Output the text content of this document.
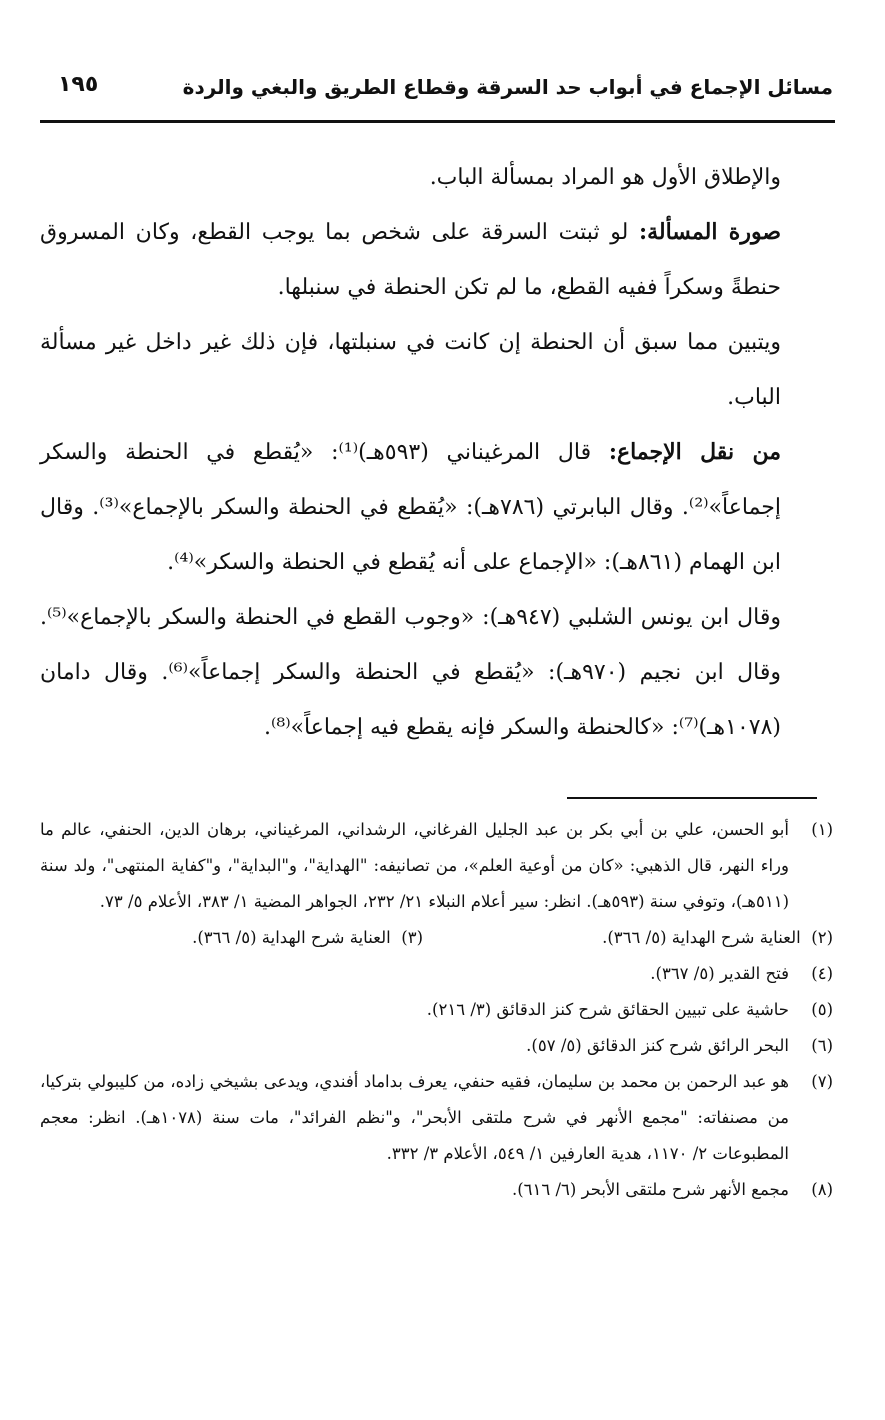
مسائل الإجماع في أبواب حد السرقة وقطاع الطريق والبغي والردة
١٩٥

والإطلاق الأول هو المراد بمسألة الباب.

صورة المسألة: لو ثبتت السرقة على شخص بما يوجب القطع، وكان المسروق حنطةً وسكراً ففيه القطع، ما لم تكن الحنطة في سنبلها.

ويتبين مما سبق أن الحنطة إن كانت في سنبلتها، فإن ذلك غير داخل غير مسألة الباب.

من نقل الإجماع: قال المرغيناني (٥٩٣هـ)⁽¹⁾: «يُقطع في الحنطة والسكر إجماعاً»⁽²⁾. وقال البابرتي (٧٨٦هـ): «يُقطع في الحنطة والسكر بالإجماع»⁽³⁾. وقال ابن الهمام (٨٦١هـ): «الإجماع على أنه يُقطع في الحنطة والسكر»⁽⁴⁾.

وقال ابن يونس الشلبي (٩٤٧هـ): «وجوب القطع في الحنطة والسكر بالإجماع»⁽⁵⁾. وقال ابن نجيم (٩٧٠هـ): «يُقطع في الحنطة والسكر إجماعاً»⁽⁶⁾. وقال دامان (١٠٧٨هـ)⁽⁷⁾: «كالحنطة والسكر فإنه يقطع فيه إجماعاً»⁽⁸⁾.

(١)
أبو الحسن، علي بن أبي بكر بن عبد الجليل الفرغاني، الرشداني، المرغيناني، برهان الدين، الحنفي، عالم ما وراء النهر، قال الذهبي: «كان من أوعية العلم»، من تصانيفه: "الهداية"، و"البداية"، و"كفاية المنتهى"، ولد سنة (٥١١هـ)، وتوفي سنة (٥٩٣هـ). انظر: سير أعلام النبلاء ٢١/ ٢٣٢، الجواهر المضية ١/ ٣٨٣، الأعلام ٥/ ٧٣.

(٢)  العناية شرح الهداية (٥/ ٣٦٦).
(٣)  العناية شرح الهداية (٥/ ٣٦٦).

(٤)
فتح القدير (٥/ ٣٦٧).

(٥)
حاشية على تبيين الحقائق شرح كنز الدقائق (٣/ ٢١٦).

(٦)
البحر الرائق شرح كنز الدقائق (٥/ ٥٧).

(٧)
هو عبد الرحمن بن محمد بن سليمان، فقيه حنفي، يعرف بداماد أفندي، ويدعى بشيخي زاده، من كليبولي بتركيا، من مصنفاته: "مجمع الأنهر في شرح ملتقى الأبحر"، و"نظم الفرائد"، مات سنة (١٠٧٨هـ). انظر: معجم المطبوعات ٢/ ١١٧٠، هدية العارفين ١/ ٥٤٩، الأعلام ٣/ ٣٣٢.

(٨)
مجمع الأنهر شرح ملتقى الأبحر (٦/ ٦١٦).
